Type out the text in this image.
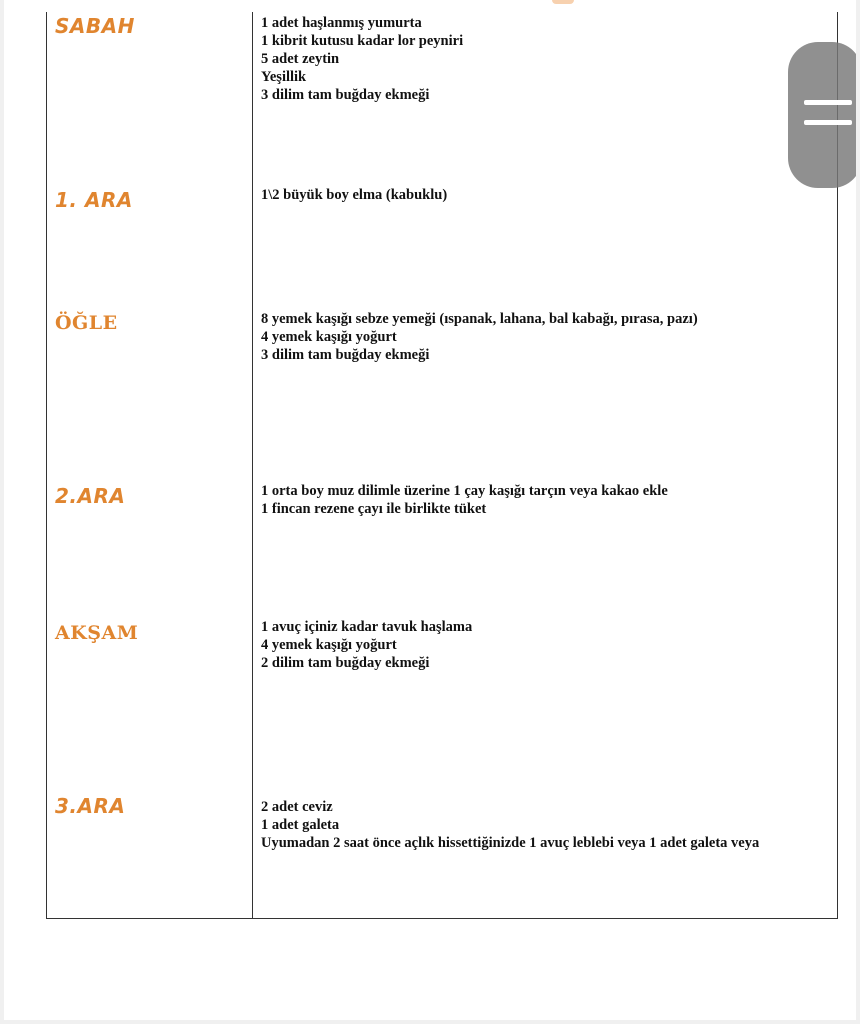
SABAH	1 adet haşlanmış yumurta
1 kibrit kutusu kadar lor peyniri
5 adet zeytin
Yeşillik
3 dilim tam buğday ekmeği
1. ARA	1\2 büyük boy elma (kabuklu)
ÖĞLE	8 yemek kaşığı sebze yemeği (ıspanak, lahana, bal kabağı, pırasa, pazı)
4 yemek kaşığı yoğurt
3 dilim tam buğday ekmeği
2.ARA	1 orta boy muz dilimle üzerine 1 çay kaşığı tarçın veya kakao ekle
1 fincan rezene çayı ile birlikte tüket
AKŞAM	1 avuç içiniz kadar tavuk haşlama
4 yemek kaşığı yoğurt
2 dilim tam buğday ekmeği
3.ARA	2 adet ceviz
1 adet galeta
Uyumadan 2 saat önce açlık hissettiğinizde 1 avuç leblebi veya 1 adet galeta veya
